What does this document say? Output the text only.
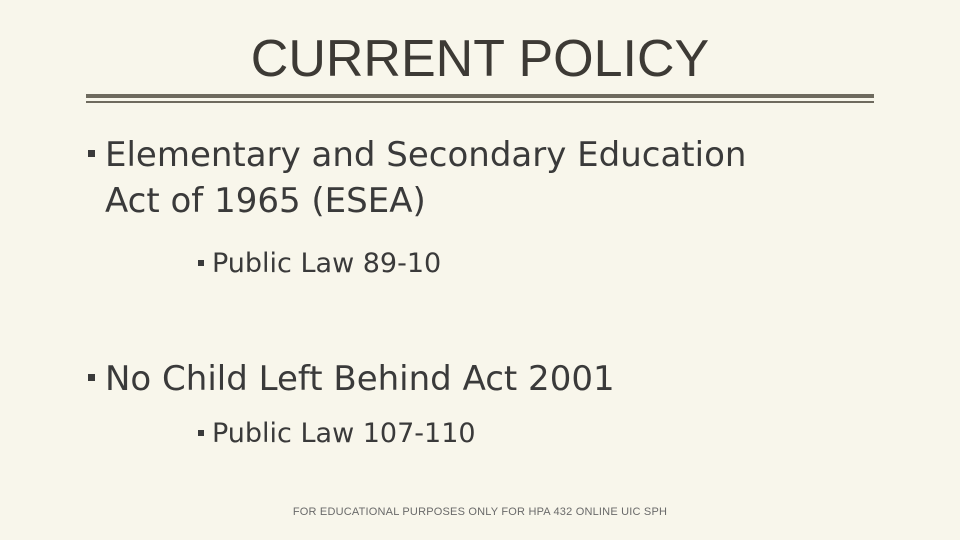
CURRENT POLICY
Elementary and Secondary Education
Act of 1965 (ESEA)
Public Law 89-10
No Child Left Behind Act 2001
Public Law 107-110
FOR EDUCATIONAL PURPOSES ONLY FOR HPA 432 ONLINE UIC SPH
